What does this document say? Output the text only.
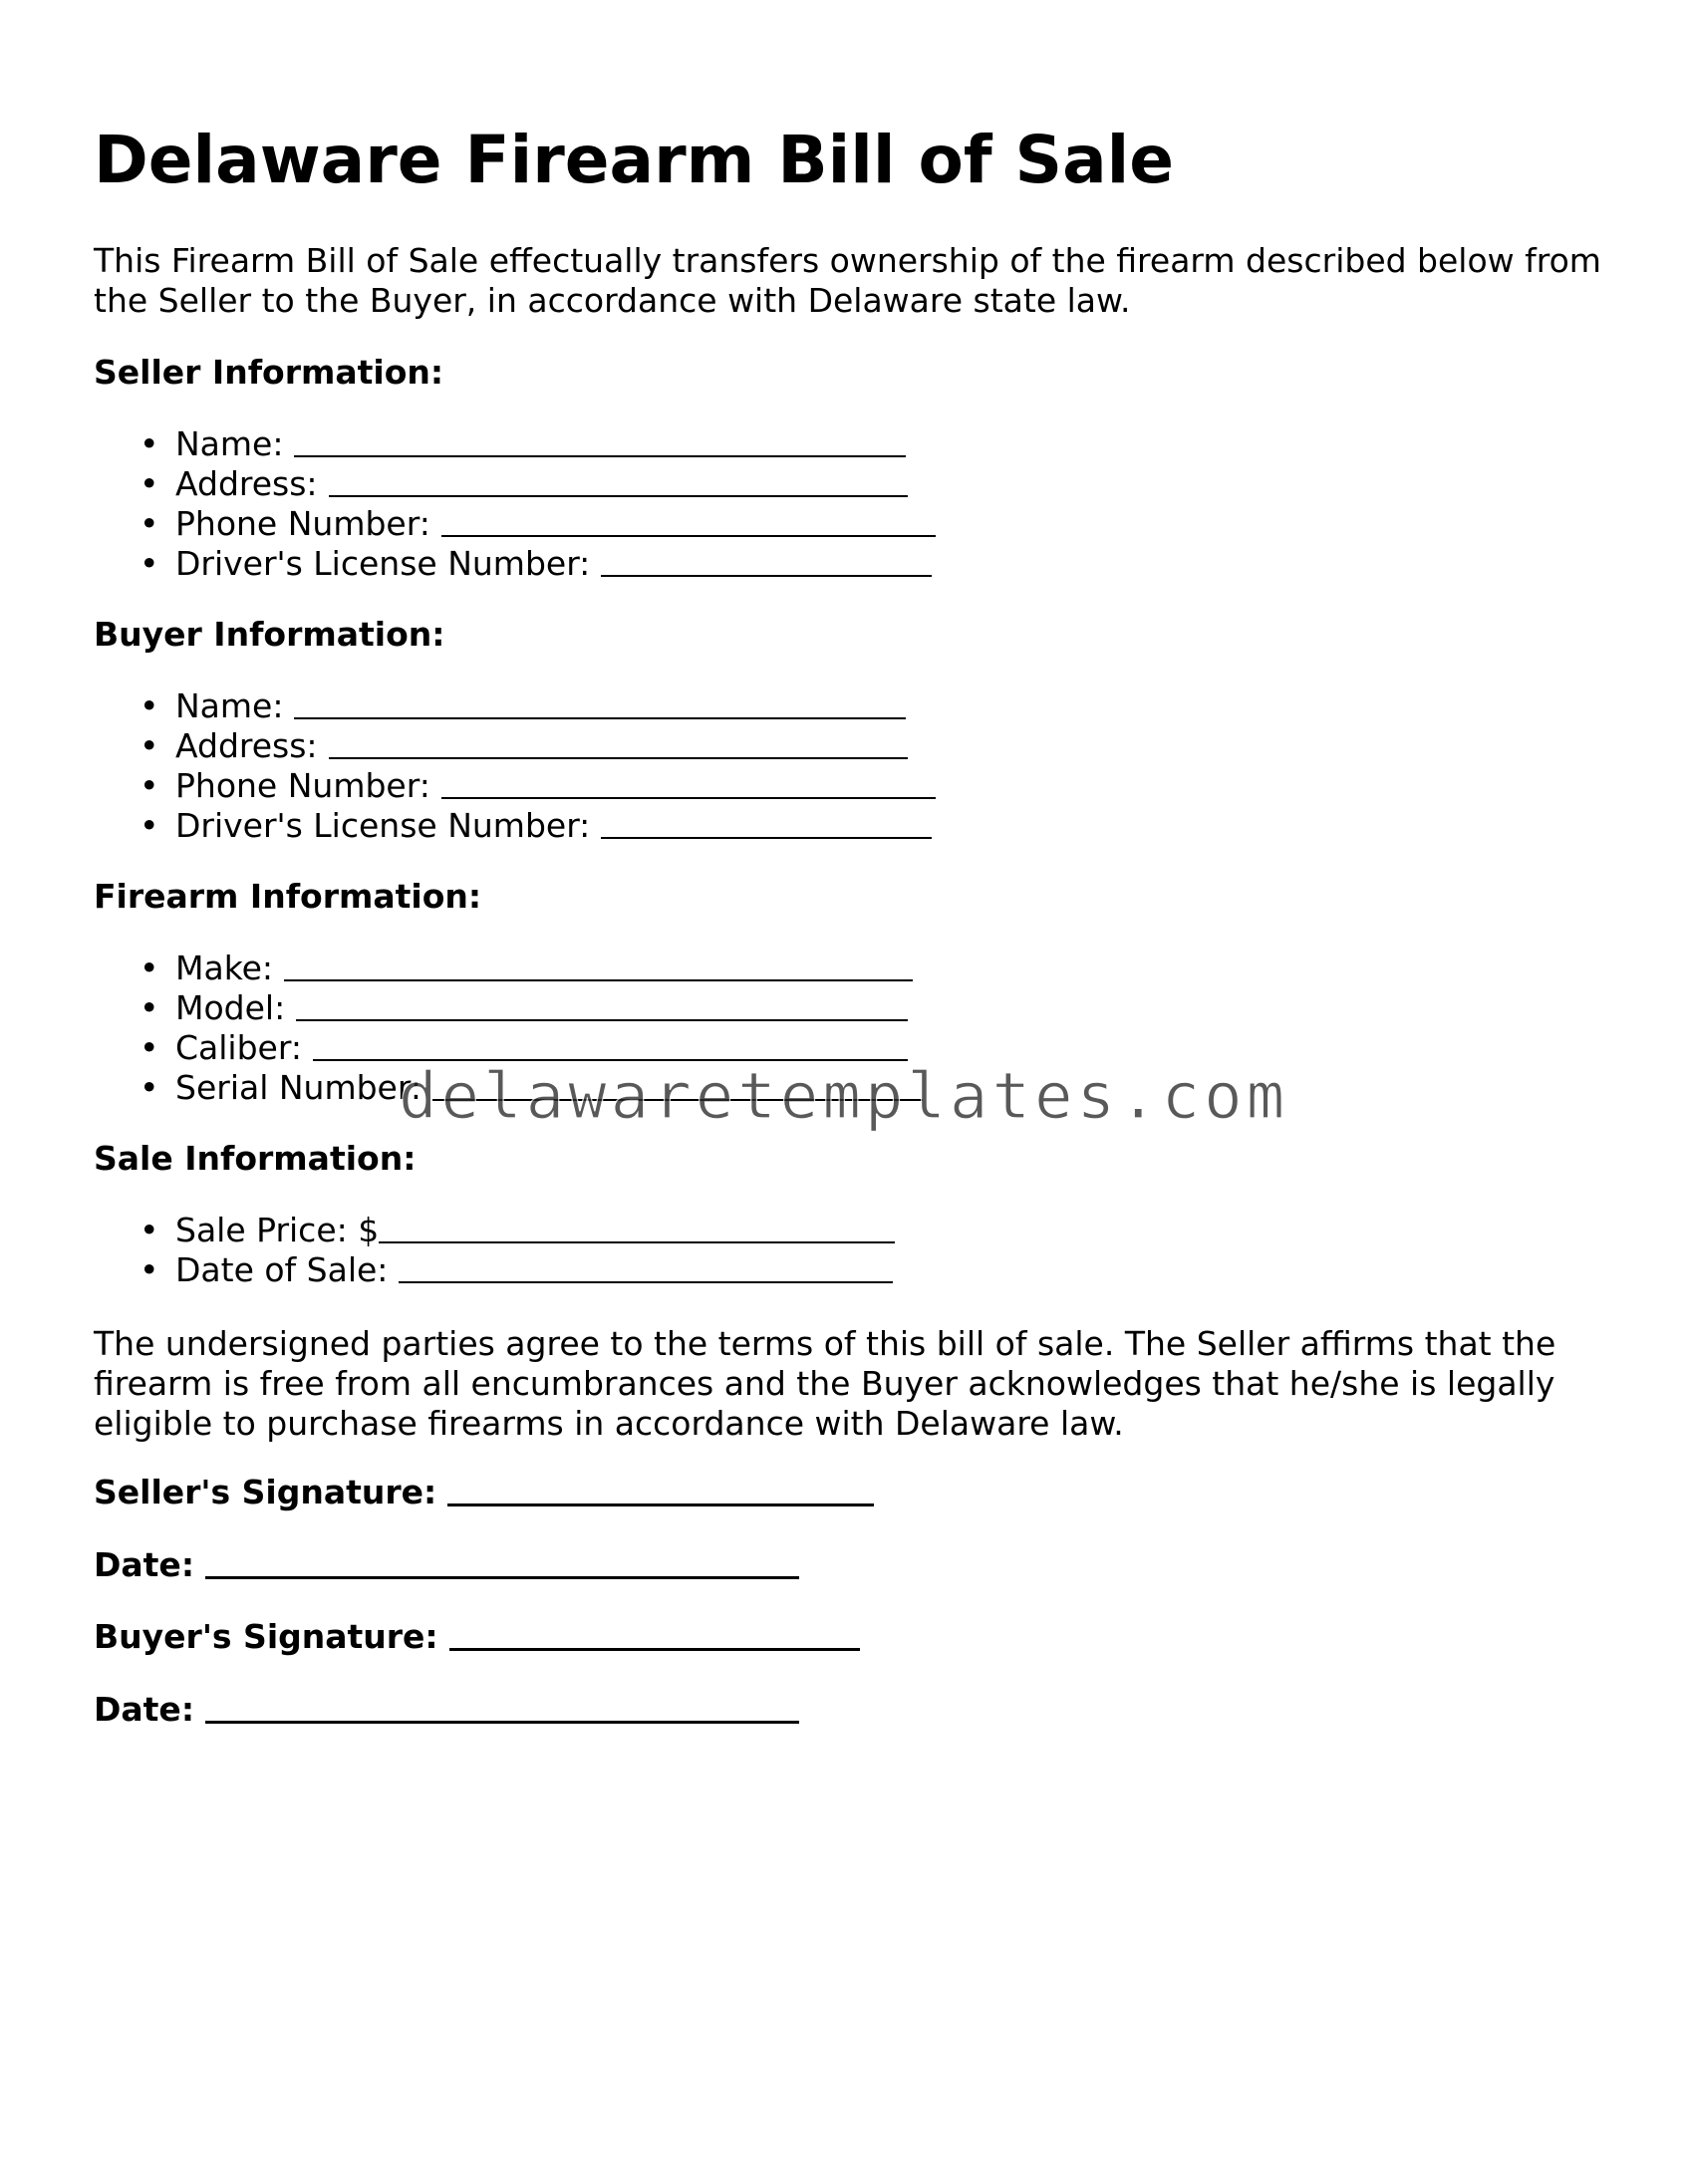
Delaware Firearm Bill of Sale

This Firearm Bill of Sale effectually transfers ownership of the firearm described below from the Seller to the Buyer, in accordance with Delaware state law.

Seller Information:
• Name:
• Address:
• Phone Number:
• Driver's License Number:
Buyer Information:
• Name:
• Address:
• Phone Number:
• Driver's License Number:
Firearm Information:
• Make:
• Model:
• Caliber:
• Serial Number:
Sale Information:
• Sale Price: $
• Date of Sale:

The undersigned parties agree to the terms of this bill of sale. The Seller affirms that the firearm is free from all encumbrances and the Buyer acknowledges that he/she is legally eligible to purchase firearms in accordance with Delaware law.

Seller's Signature:
Date:
Buyer's Signature:
Date:
delawaretemplates.com
